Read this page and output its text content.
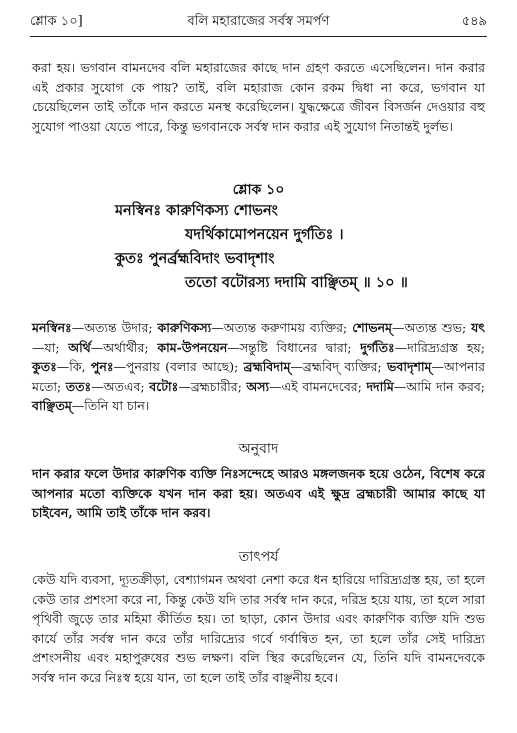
শ্লোক ১০]	বলি মহারাজের সর্বস্ব সমর্পণ	৫৪৯
করা হয়। ভগবান বামনদেব বলি মহারাজের কাছে দান গ্রহণ করতে এসেছিলেন। দান করার এই প্রকার সুযোগ কে পায়? তাই, বলি মহারাজ কোন রকম দ্বিধা না করে, ভগবান যা চেয়েছিলেন তাই তাঁকে দান করতে মনস্থ করেছিলেন। যুদ্ধক্ষেত্রে জীবন বিসর্জন দেওয়ার বহু সুযোগ পাওয়া যেতে পারে, কিন্তু ভগবানকে সর্বস্ব দান করার এই সুযোগ নিতান্তই দুর্লভ।
শ্লোক ১০
মনস্বিনঃ কারুণিকস্য শোভনং
যদর্থিকামোপনয়েন দুর্গতিঃ ।
কুতঃ পুনর্ব্রহ্মবিদাং ভবাদৃশাং
ততো বটোরস্য দদামি বাঞ্ছিতম্ ॥ ১০ ॥
মনস্বিনঃ—অত্যন্ত উদার; কারুণিকস্য—অত্যন্ত করুণাময় ব্যক্তির; শোভনম্—অত্যন্ত শুভ; যৎ—যা; অর্থি—অর্থার্থীর; কাম-উপনয়েন—সন্তুষ্টি বিধানের দ্বারা; দুর্গতিঃ—দারিদ্র্যগ্রস্ত হয়; কুতঃ—কি, পুনঃ—পুনরায় (বলার আছে); ব্রহ্মবিদাম্—ব্রহ্মবিদ্ ব্যক্তির; ভবাদৃশাম্—আপনার মতো; ততঃ—অতএব; বটোঃ—ব্রহ্মচারীর; অস্য—এই বামনদেবের; দদামি—আমি দান করব; বাঞ্ছিতম্—তিনি যা চান।
অনুবাদ
দান করার ফলে উদার কারুণিক ব্যক্তি নিঃসন্দেহে আরও মঙ্গলজনক হয়ে ওঠেন, বিশেষ করে আপনার মতো ব্যক্তিকে যখন দান করা হয়। অতএব এই ক্ষুদ্র ব্রহ্মচারী আমার কাছে যা চাইবেন, আমি তাই তাঁকে দান করব।
তাৎপর্য
কেউ যদি ব্যবসা, দ্যূতক্রীড়া, বেশ্যাগমন অথবা নেশা করে ধন হারিয়ে দারিদ্র্যগ্রস্ত হয়, তা হলে কেউ তার প্রশংসা করে না, কিন্তু কেউ যদি তার সর্বস্ব দান করে, দরিদ্র হয়ে যায়, তা হলে সারা পৃথিবী জুড়ে তার মহিমা কীর্তিত হয়। তা ছাড়া, কোন উদার এবং কারুণিক ব্যক্তি যদি শুভ কার্যে তাঁর সর্বস্ব দান করে তাঁর দারিদ্র্যের গর্বে গর্বান্বিত হন, তা হলে তাঁর সেই দারিদ্র্য প্রশংসনীয় এবং মহাপুরুষের শুভ লক্ষণ। বলি স্থির করেছিলেন যে, তিনি যদি বামনদেবকে সর্বস্ব দান করে নিঃস্ব হয়ে যান, তা হলে তাই তাঁর বাঞ্ছনীয় হবে।
